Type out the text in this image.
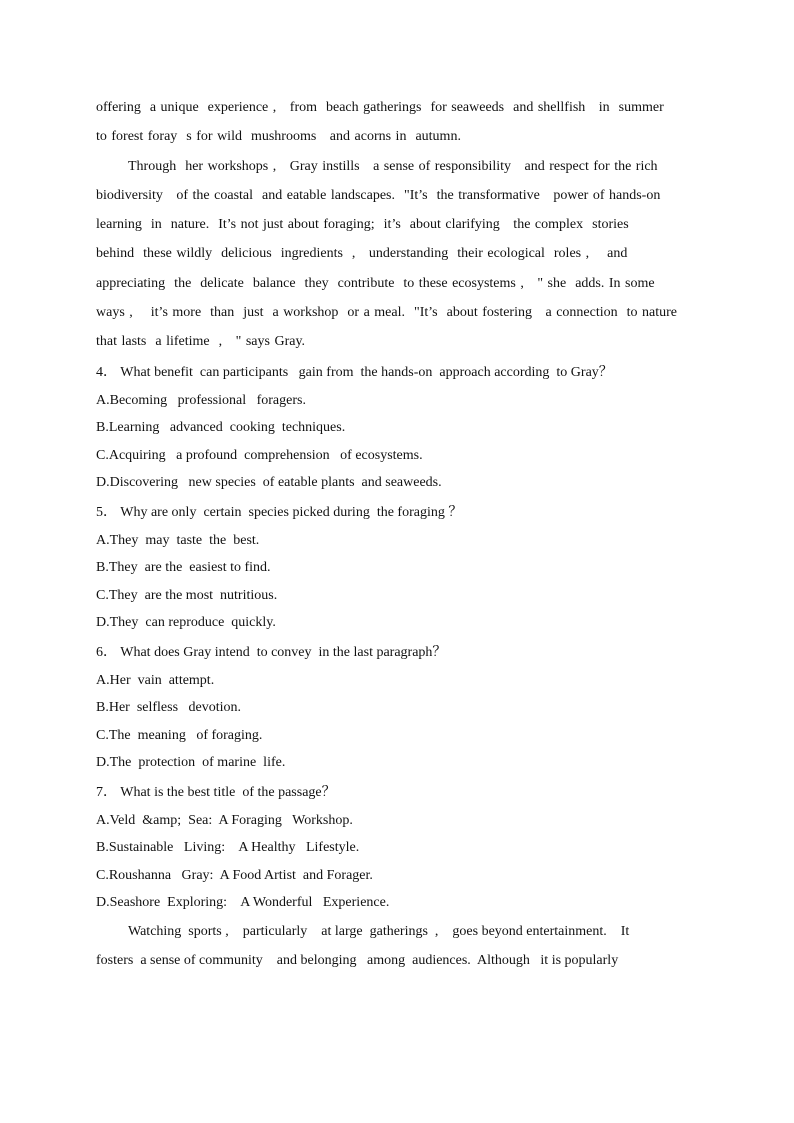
offering  a unique  experience ,   from  beach gatherings  for seaweeds  and shellfish   in  summer
to forest foray  s for wild  mushrooms   and acorns in  autumn.
Through  her workshops ,   Gray instills   a sense of responsibility   and respect for the rich
biodiversity   of the coastal  and eatable landscapes.  "It’s  the transformative   power of hands-on
learning  in  nature.  It’s not just about foraging;  it’s  about clarifying   the complex  stories
behind  these wildly  delicious  ingredients  ,   understanding  their ecological  roles ,    and
appreciating  the  delicate  balance  they  contribute  to these ecosystems ,   " she  adds. In some
ways ,    it’s more  than  just  a workshop  or a meal.  "It’s  about fostering   a connection  to nature
that lasts  a lifetime  ,   " says Gray.
4． What benefit  can participants   gain from  the hands-on  approach according  to Gray？
A.Becoming   professional   foragers.
B.Learning   advanced  cooking  techniques.
C.Acquiring   a profound  comprehension   of ecosystems.
D.Discovering   new species  of eatable plants  and seaweeds.
5． Why are only  certain  species picked during  the foraging ？
A.They  may  taste  the  best.
B.They  are the  easiest to find.
C.They  are the most  nutritious.
D.They  can reproduce  quickly.
6． What does Gray intend  to convey  in the last paragraph？
A.Her  vain  attempt.
B.Her  selfless   devotion.
C.The  meaning   of foraging.
D.The  protection  of marine  life.
7． What is the best title  of the passage？
A.Veld  &amp;  Sea:  A Foraging   Workshop.
B.Sustainable   Living:    A Healthy   Lifestyle.
C.Roushanna   Gray:  A Food Artist  and Forager.
D.Seashore  Exploring:    A Wonderful   Experience.
Watching  sports ,    particularly    at large  gatherings  ,    goes beyond entertainment.    It
fosters  a sense of community    and belonging   among  audiences.  Although   it is popularly
